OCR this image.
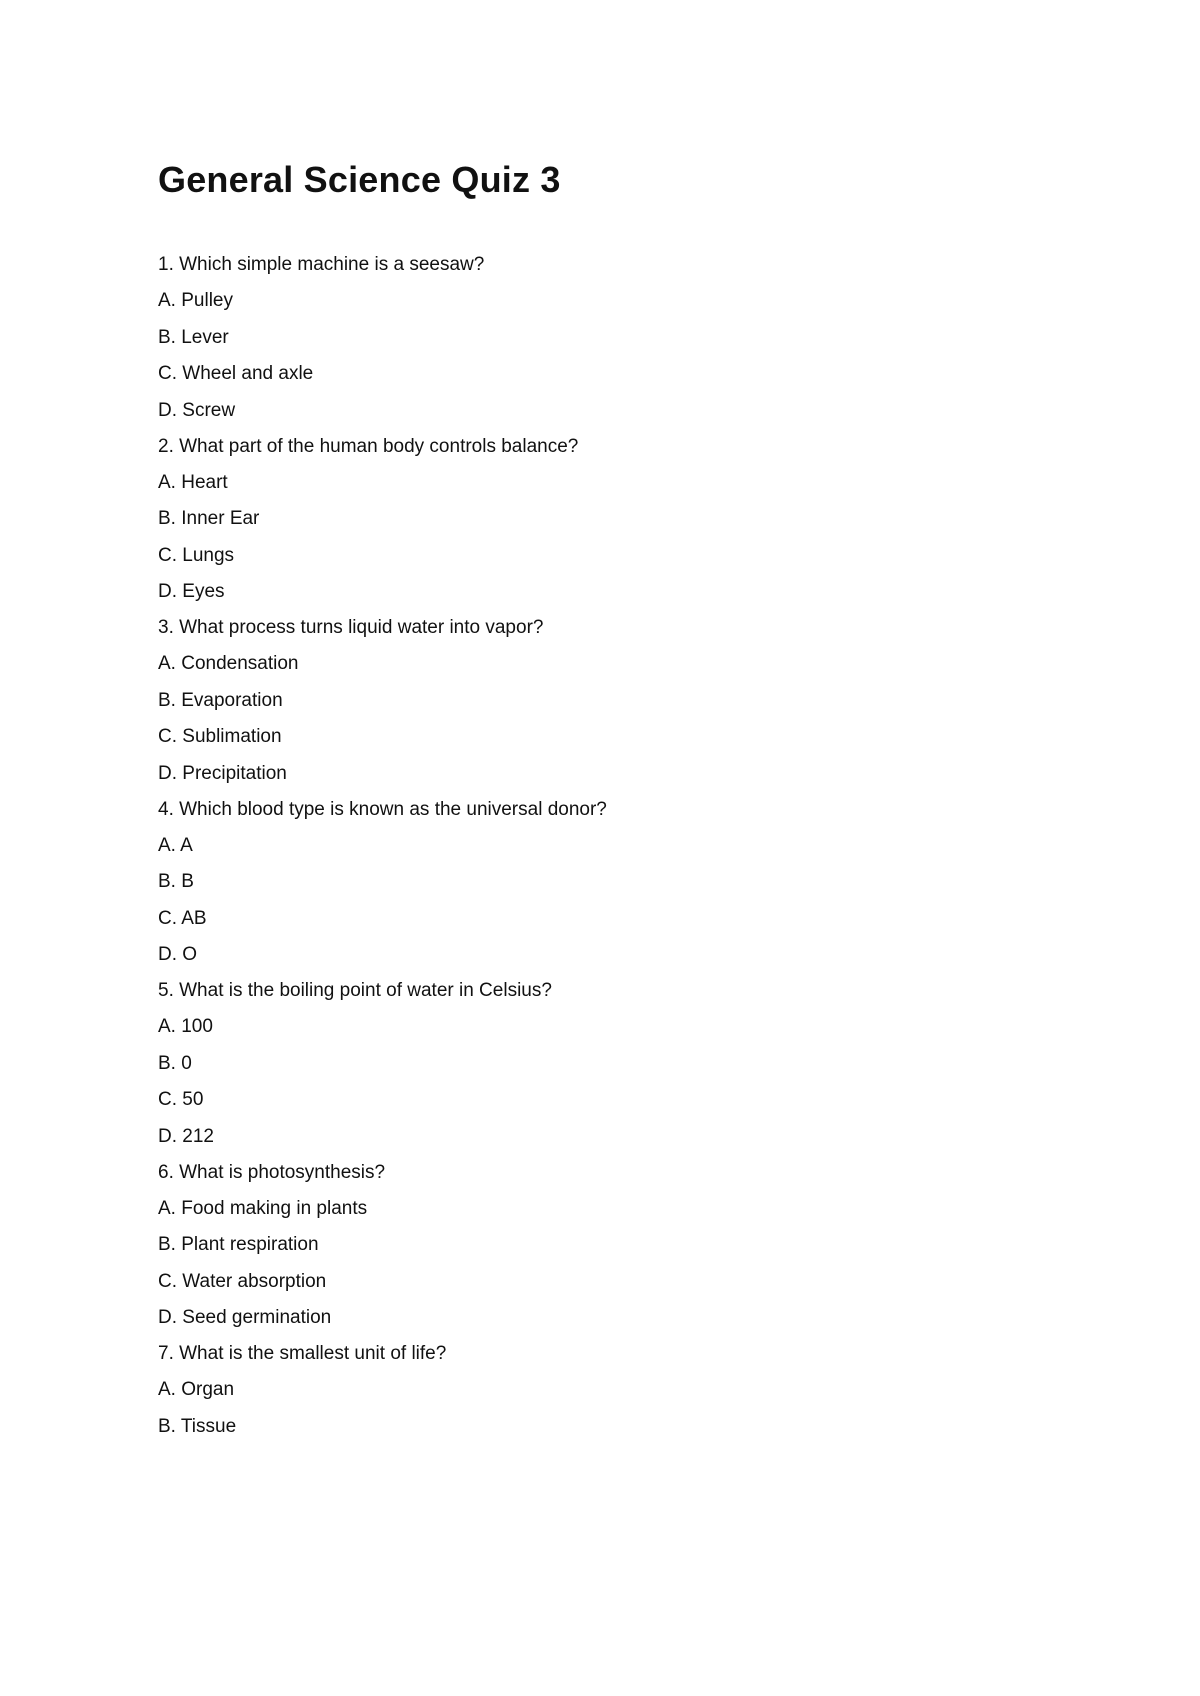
General Science Quiz 3
1. Which simple machine is a seesaw?
A. Pulley
B. Lever
C. Wheel and axle
D. Screw
2. What part of the human body controls balance?
A. Heart
B. Inner Ear
C. Lungs
D. Eyes
3. What process turns liquid water into vapor?
A. Condensation
B. Evaporation
C. Sublimation
D. Precipitation
4. Which blood type is known as the universal donor?
A. A
B. B
C. AB
D. O
5. What is the boiling point of water in Celsius?
A. 100
B. 0
C. 50
D. 212
6. What is photosynthesis?
A. Food making in plants
B. Plant respiration
C. Water absorption
D. Seed germination
7. What is the smallest unit of life?
A. Organ
B. Tissue
